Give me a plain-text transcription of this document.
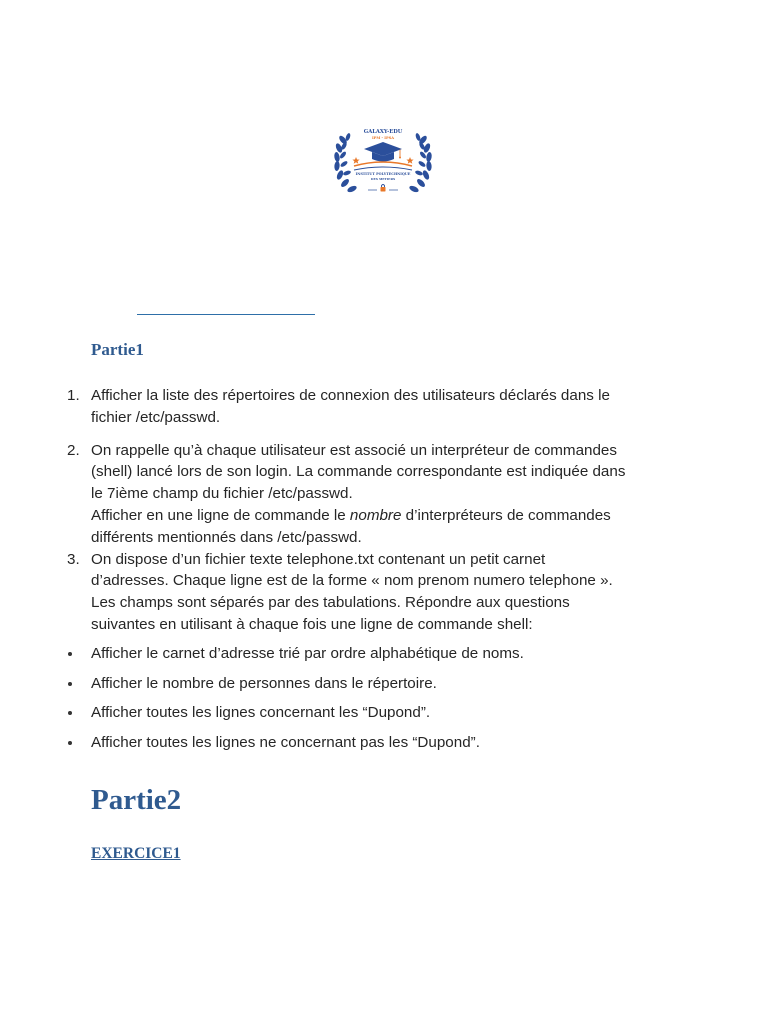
GALAXY-EDU
IPM - IPSA
INSTITUT POLYTECHNIQUE
DES METIERS
Partie1
1. Afficher la liste des répertoires de connexion des utilisateurs déclarés dans le

fichier /etc/passwd.

2. On rappelle qu’à chaque utilisateur est associé un interpréteur de commandes

(shell) lancé lors de son login. La commande correspondante est indiquée dans

le 7ième champ du fichier /etc/passwd.

Afficher en une ligne de commande le nombre d’interpréteurs de commandes

différents mentionnés dans /etc/passwd.

3. On dispose d’un fichier texte telephone.txt contenant un petit carnet

d’adresses. Chaque ligne est de la forme « nom prenom numero telephone ».

Les champs sont séparés par des tabulations. Répondre aux questions

suivantes en utilisant à chaque fois une ligne de commande shell:

Afficher le carnet d’adresse trié par ordre alphabétique de noms.
Afficher le nombre de personnes dans le répertoire.
Afficher toutes les lignes concernant les “Dupond”.
Afficher toutes les lignes ne concernant pas les “Dupond”.
Partie2
EXERCICE1
